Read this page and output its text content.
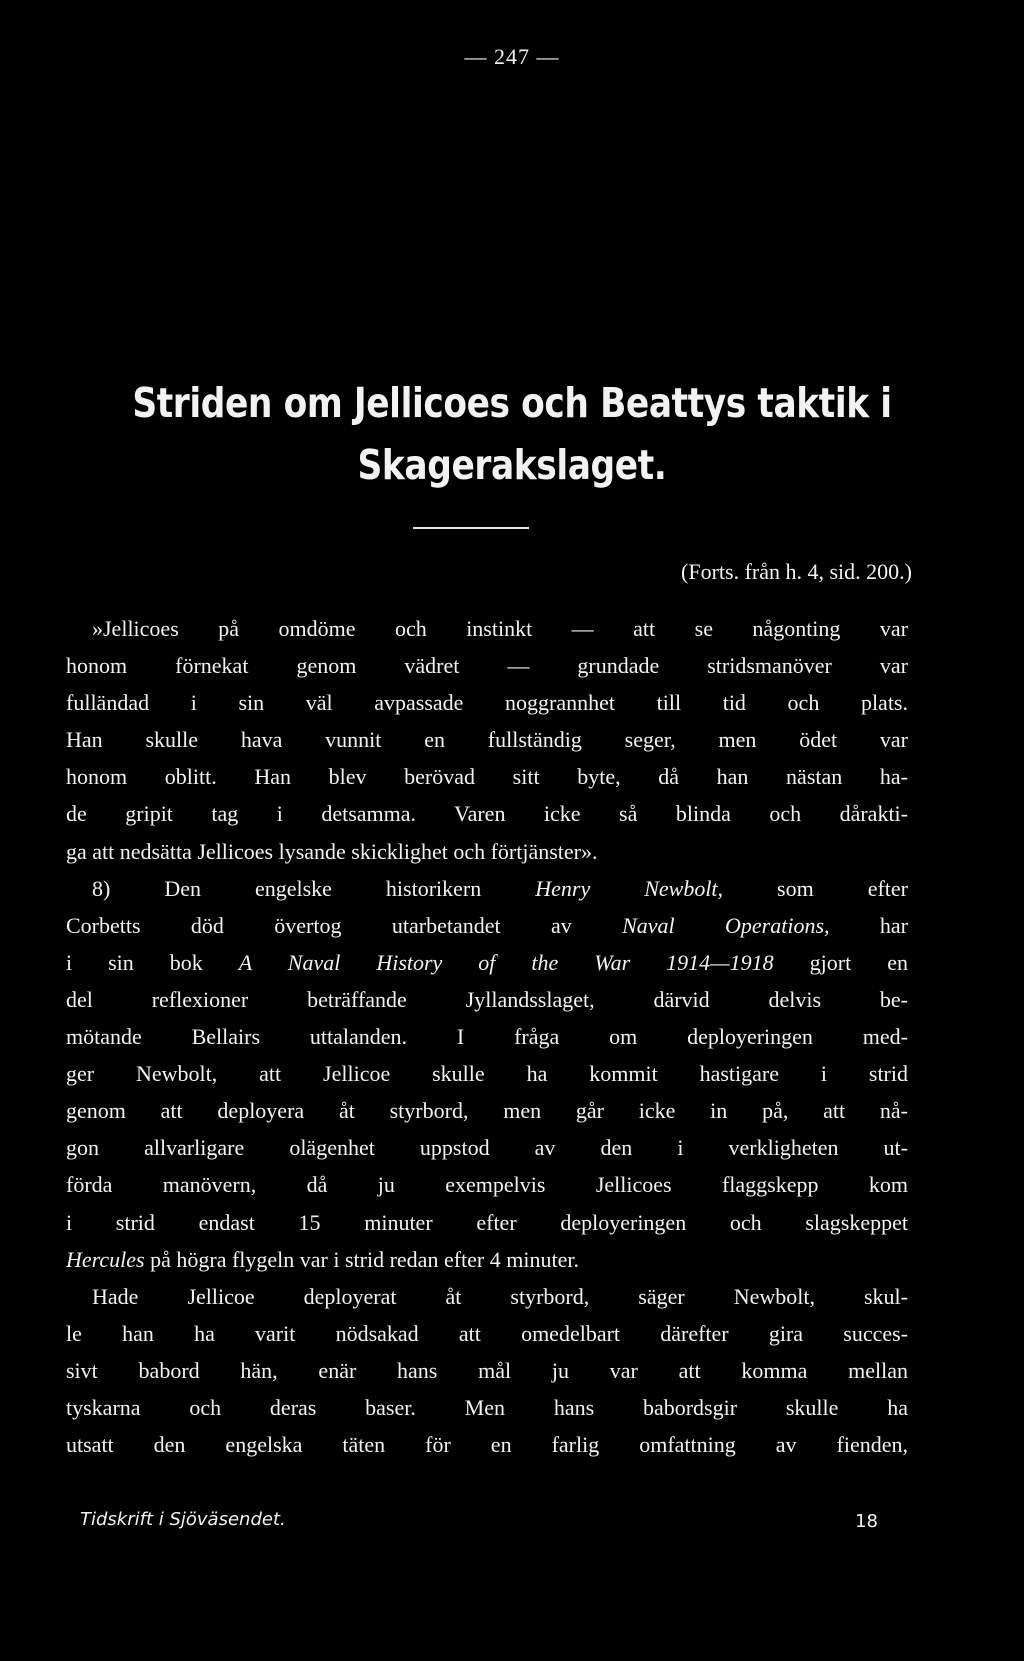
— 247 —
Striden om Jellicoes och Beattys taktik i
Skagerakslaget.
(Forts. från h. 4, sid. 200.)
»Jellicoes på omdöme och instinkt — att se någonting var
honom förnekat genom vädret — grundade stridsmanöver var
fulländad i sin väl avpassade noggrannhet till tid och plats.
Han skulle hava vunnit en fullständig seger, men ödet var
honom oblitt. Han blev berövad sitt byte, då han nästan ha-
de gripit tag i detsamma. Varen icke så blinda och dårakti-
ga att nedsätta Jellicoes lysande skicklighet och förtjänster».
8) Den engelske historikern Henry Newbolt, som efter
Corbetts död övertog utarbetandet av Naval Operations, har
i sin bok A Naval History of the War 1914—1918 gjort en
del reflexioner beträffande Jyllandsslaget, därvid delvis be-
mötande Bellairs uttalanden. I fråga om deployeringen med-
ger Newbolt, att Jellicoe skulle ha kommit hastigare i strid
genom att deployera åt styrbord, men går icke in på, att nå-
gon allvarligare olägenhet uppstod av den i verkligheten ut-
förda manövern, då ju exempelvis Jellicoes flaggskepp kom
i strid endast 15 minuter efter deployeringen och slagskeppet
Hercules på högra flygeln var i strid redan efter 4 minuter.
Hade Jellicoe deployerat åt styrbord, säger Newbolt, skul-
le han ha varit nödsakad att omedelbart därefter gira succes-
sivt babord hän, enär hans mål ju var att komma mellan
tyskarna och deras baser. Men hans babordsgir skulle ha
utsatt den engelska täten för en farlig omfattning av fienden,
Tidskrift i Sjöväsendet.	18
